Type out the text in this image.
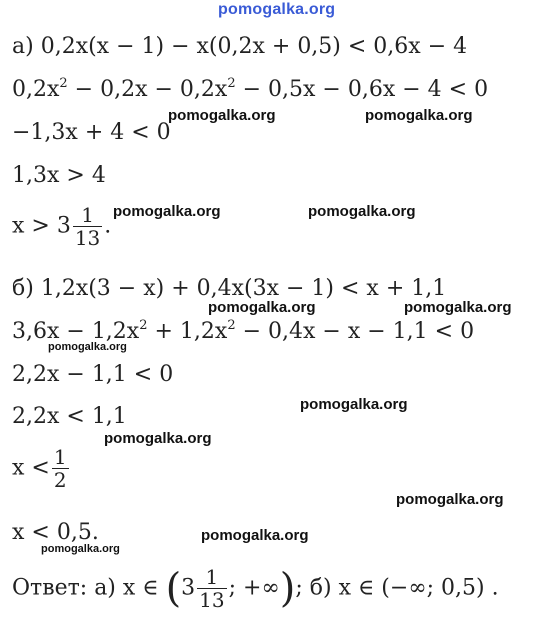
pomogalka.org
а) 0,2x(x − 1) − x(0,2x + 0,5) < 0,6x − 4
$0,2x^2 - 0,2x - 0,2x^2 - 0,5x - 0,6x - 4 < 0$
−1,3x + 4 < 0
1,3x > 4
$x > 3 \frac{1}{13}$ .
б) 1,2x(3 − x) + 0,4x(3x − 1) < x + 1,1
$3,6x - 1,2x^2 + 1,2x^2 - 0,4x - x - 1,1 < 0$
2,2x − 1,1 < 0
2,2x < 1,1
$x < \frac{1}{2}$
x < 0,5.
Ответ: а) x ∈ ($3 \frac{1}{13}$ ; +∞); б) x ∈ (−∞; 0,5) .
pomogalka.org	pomogalka.org
pomogalka.org	pomogalka.org
pomogalka.org	pomogalka.org
pomogalka.org
pomogalka.org
pomogalka.org
pomogalka.org
pomogalka.org
pomogalka.org
